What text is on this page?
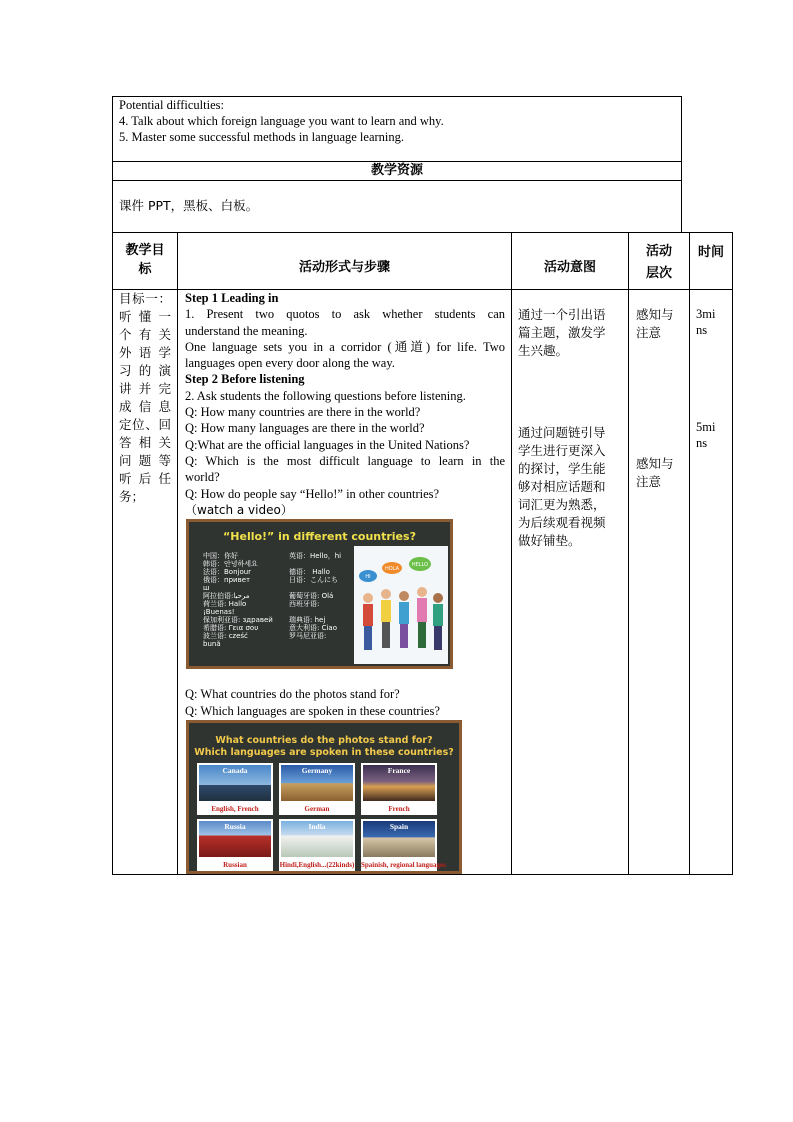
Potential difficulties:
4. Talk about which foreign language you want to learn and why.
5. Master some successful methods in language learning.
教学资源
课件 PPT，黑板、白板。
教学目
标	活动形式与步骤	活动意图
活动
层次
时间
目标一：
听懂一
个有关
外语学
习的演
讲并完
成信息
定位、回
答相关
问题等
听后任
务；
Step 1 Leading in
1. Present two quotos to ask whether students can
understand the meaning.
One language sets you in a corridor (通道) for life. Two
languages open every door along the way.
Step 2 Before listening
2. Ask students the following questions before listening.
Q: How many countries are there in the world?
Q: How many languages are there in the world?
Q:What are the official languages in the United Nations?
Q: Which is the most difficult language to learn in the
world?
Q: How do people say “Hello!” in other countries?
（watch a video）
“Hello!” in different countries?
中国：你好
韩语：안녕하세요
法语：Bonjour
俄语：привет
ш
阿拉伯语:مرحبا
荷兰语: Hallo
¡Buenas!
保加利亚语: здравей
希腊语: Γεια σου
波兰语: cześć
bună
英语：Hello，hi
德语： Hallo
日语：こんにち
葡萄牙语: Olá
西班牙语:
瑞典语: hej
意大利语: Ciao
罗马尼亚语:
HI
HOLA
HELLO
Q: What countries do the photos stand for?
Q: Which languages are spoken in these countries?
What countries do the photos stand for?
Which languages are spoken in these countries?
Canada
English, French
Germany
German
France
French
Russia
Russian
India
Hindi,English...(22kinds)
Spain
Spainish, regional languages
通过一个引出语
篇主题，激发学
生兴趣。
通过问题链引导
学生进行更深入
的探讨，学生能
够对相应话题和
词汇更为熟悉，
为后续观看视频
做好铺垫。
感知与
注意
感知与
注意
3mi
ns
5mi
ns
